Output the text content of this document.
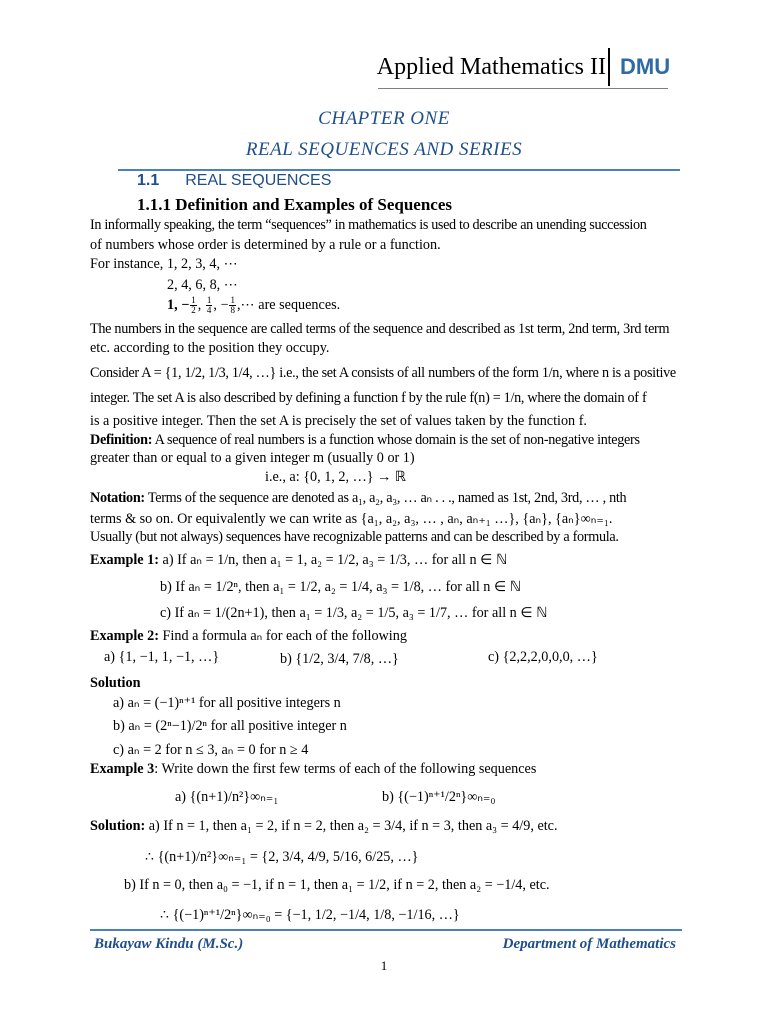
Applied Mathematics II DMU
CHAPTER ONE
REAL SEQUENCES AND SERIES
1.1 REAL SEQUENCES
1.1.1 Definition and Examples of Sequences
In informally speaking, the term “sequences” in mathematics is used to describe an unending succession
of numbers whose order is determined by a rule or a function.
For instance, 1, 2, 3, 4, ⋯
2, 4, 6, 8, ⋯
1, − $\frac{1}{2}$ , $\frac{1}{4}$ , − $\frac{1}{8}$ ,⋯ are sequences.
The numbers in the sequence are called terms of the sequence and described as 1st term, 2nd term, 3rd term
etc. according to the position they occupy.
Consider A = {1, 1/2, 1/3, 1/4, …} i.e., the set A consists of all numbers of the form 1/n, where n is a positive
integer. The set A is also described by defining a function f by the rule f(n) = 1/n, where the domain of f
is a positive integer. Then the set A is precisely the set of values taken by the function f.
Definition: A sequence of real numbers is a function whose domain is the set of non-negative integers
greater than or equal to a given integer m (usually 0 or 1)
i.e., a: {0, 1, 2, …} → ℝ
Notation: Terms of the sequence are denoted as a₁, a₂, a₃, … aₙ . . ., named as 1st, 2nd, 3rd, … , nth
terms & so on. Or equivalently we can write as {a₁, a₂, a₃, … , aₙ, aₙ₊₁ …}, {aₙ}, {aₙ}∞ₙ₌₁.
Usually (but not always) sequences have recognizable patterns and can be described by a formula.
Example 1: a) If aₙ = 1/n, then a₁ = 1, a₂ = 1/2, a₃ = 1/3, … for all n ∈ ℕ
b) If aₙ = 1/2ⁿ, then a₁ = 1/2, a₂ = 1/4, a₃ = 1/8, … for all n ∈ ℕ
c) If aₙ = 1/(2n+1), then a₁ = 1/3, a₂ = 1/5, a₃ = 1/7, … for all n ∈ ℕ
Example 2: Find a formula aₙ for each of the following
a) {1, −1, 1, −1, …}	b) {1/2, 3/4, 7/8, …}	c) {2,2,2,0,0,0, …}
Solution
a) aₙ = (−1)ⁿ⁺¹ for all positive integers n
b) aₙ = (2ⁿ−1)/2ⁿ for all positive integer n
c) aₙ = 2 for n ≤ 3, aₙ = 0 for n ≥ 4
Example 3: Write down the first few terms of each of the following sequences
a) {(n+1)/n²}∞ₙ₌₁	b) {(−1)ⁿ⁺¹/2ⁿ}∞ₙ₌₀
Solution: a) If n = 1, then a₁ = 2, if n = 2, then a₂ = 3/4, if n = 3, then a₃ = 4/9, etc.
∴ {(n+1)/n²}∞ₙ₌₁ = {2, 3/4, 4/9, 5/16, 6/25, …}
b) If n = 0, then a₀ = −1, if n = 1, then a₁ = 1/2, if n = 2, then a₂ = −1/4, etc.
∴ {(−1)ⁿ⁺¹/2ⁿ}∞ₙ₌₀ = {−1, 1/2, −1/4, 1/8, −1/16, …}
Bukayaw Kindu (M.Sc.)	Department of Mathematics
1
